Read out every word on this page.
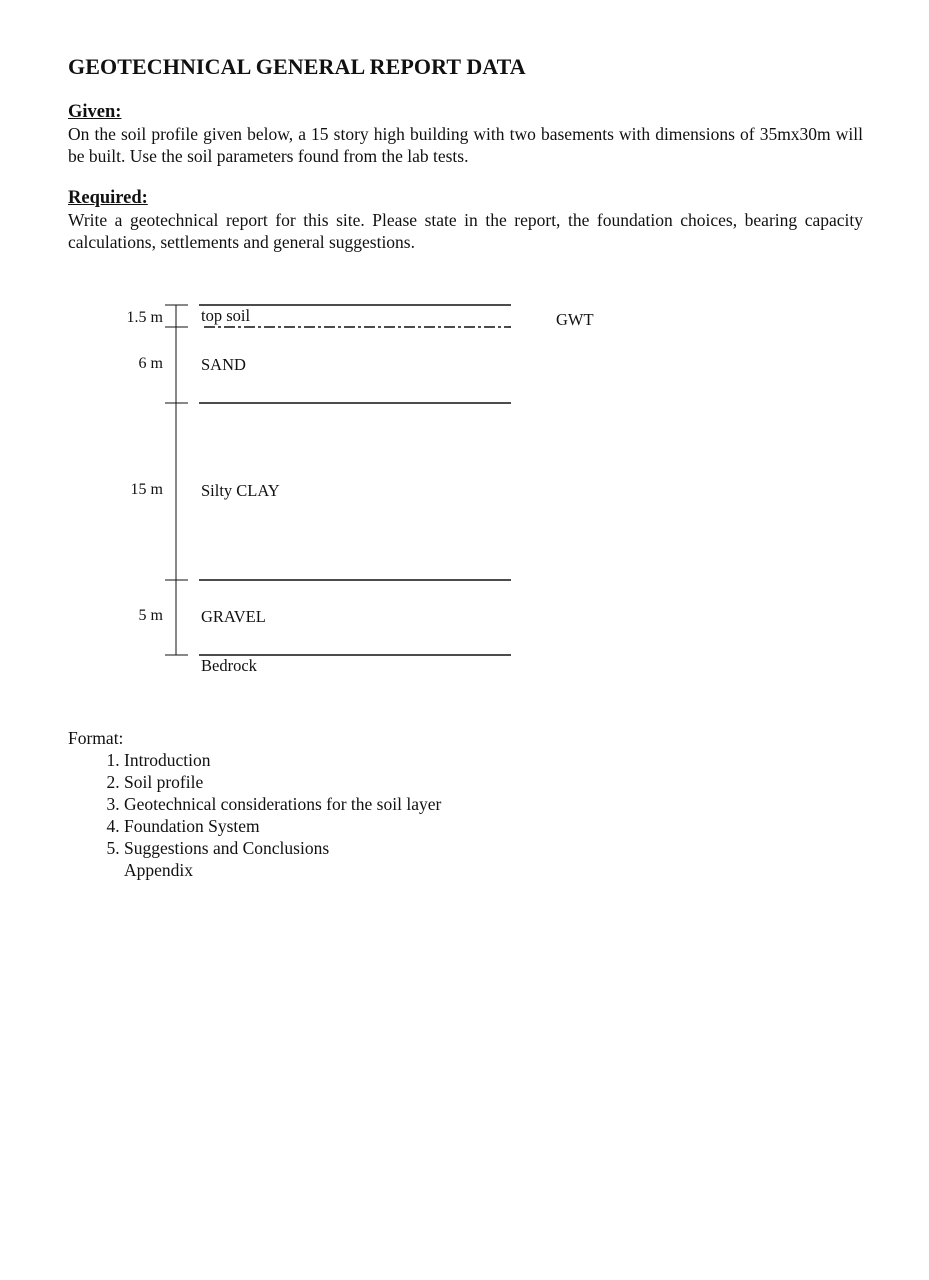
GEOTECHNICAL GENERAL REPORT DATA
Given:
On the soil profile given below, a 15 story high building with two basements with dimensions of 35mx30m will be built. Use the soil parameters found from the lab tests.
Required:
Write a geotechnical report for this site. Please state in the report, the foundation choices, bearing capacity calculations, settlements and general suggestions.
1.5 m
6 m
15 m
5 m
top soil
SAND
Silty CLAY
GRAVEL
Bedrock
GWT
Format:
1. Introduction
2. Soil profile
3. Geotechnical considerations for the soil layer
4. Foundation System
5. Suggestions and Conclusions
Appendix
